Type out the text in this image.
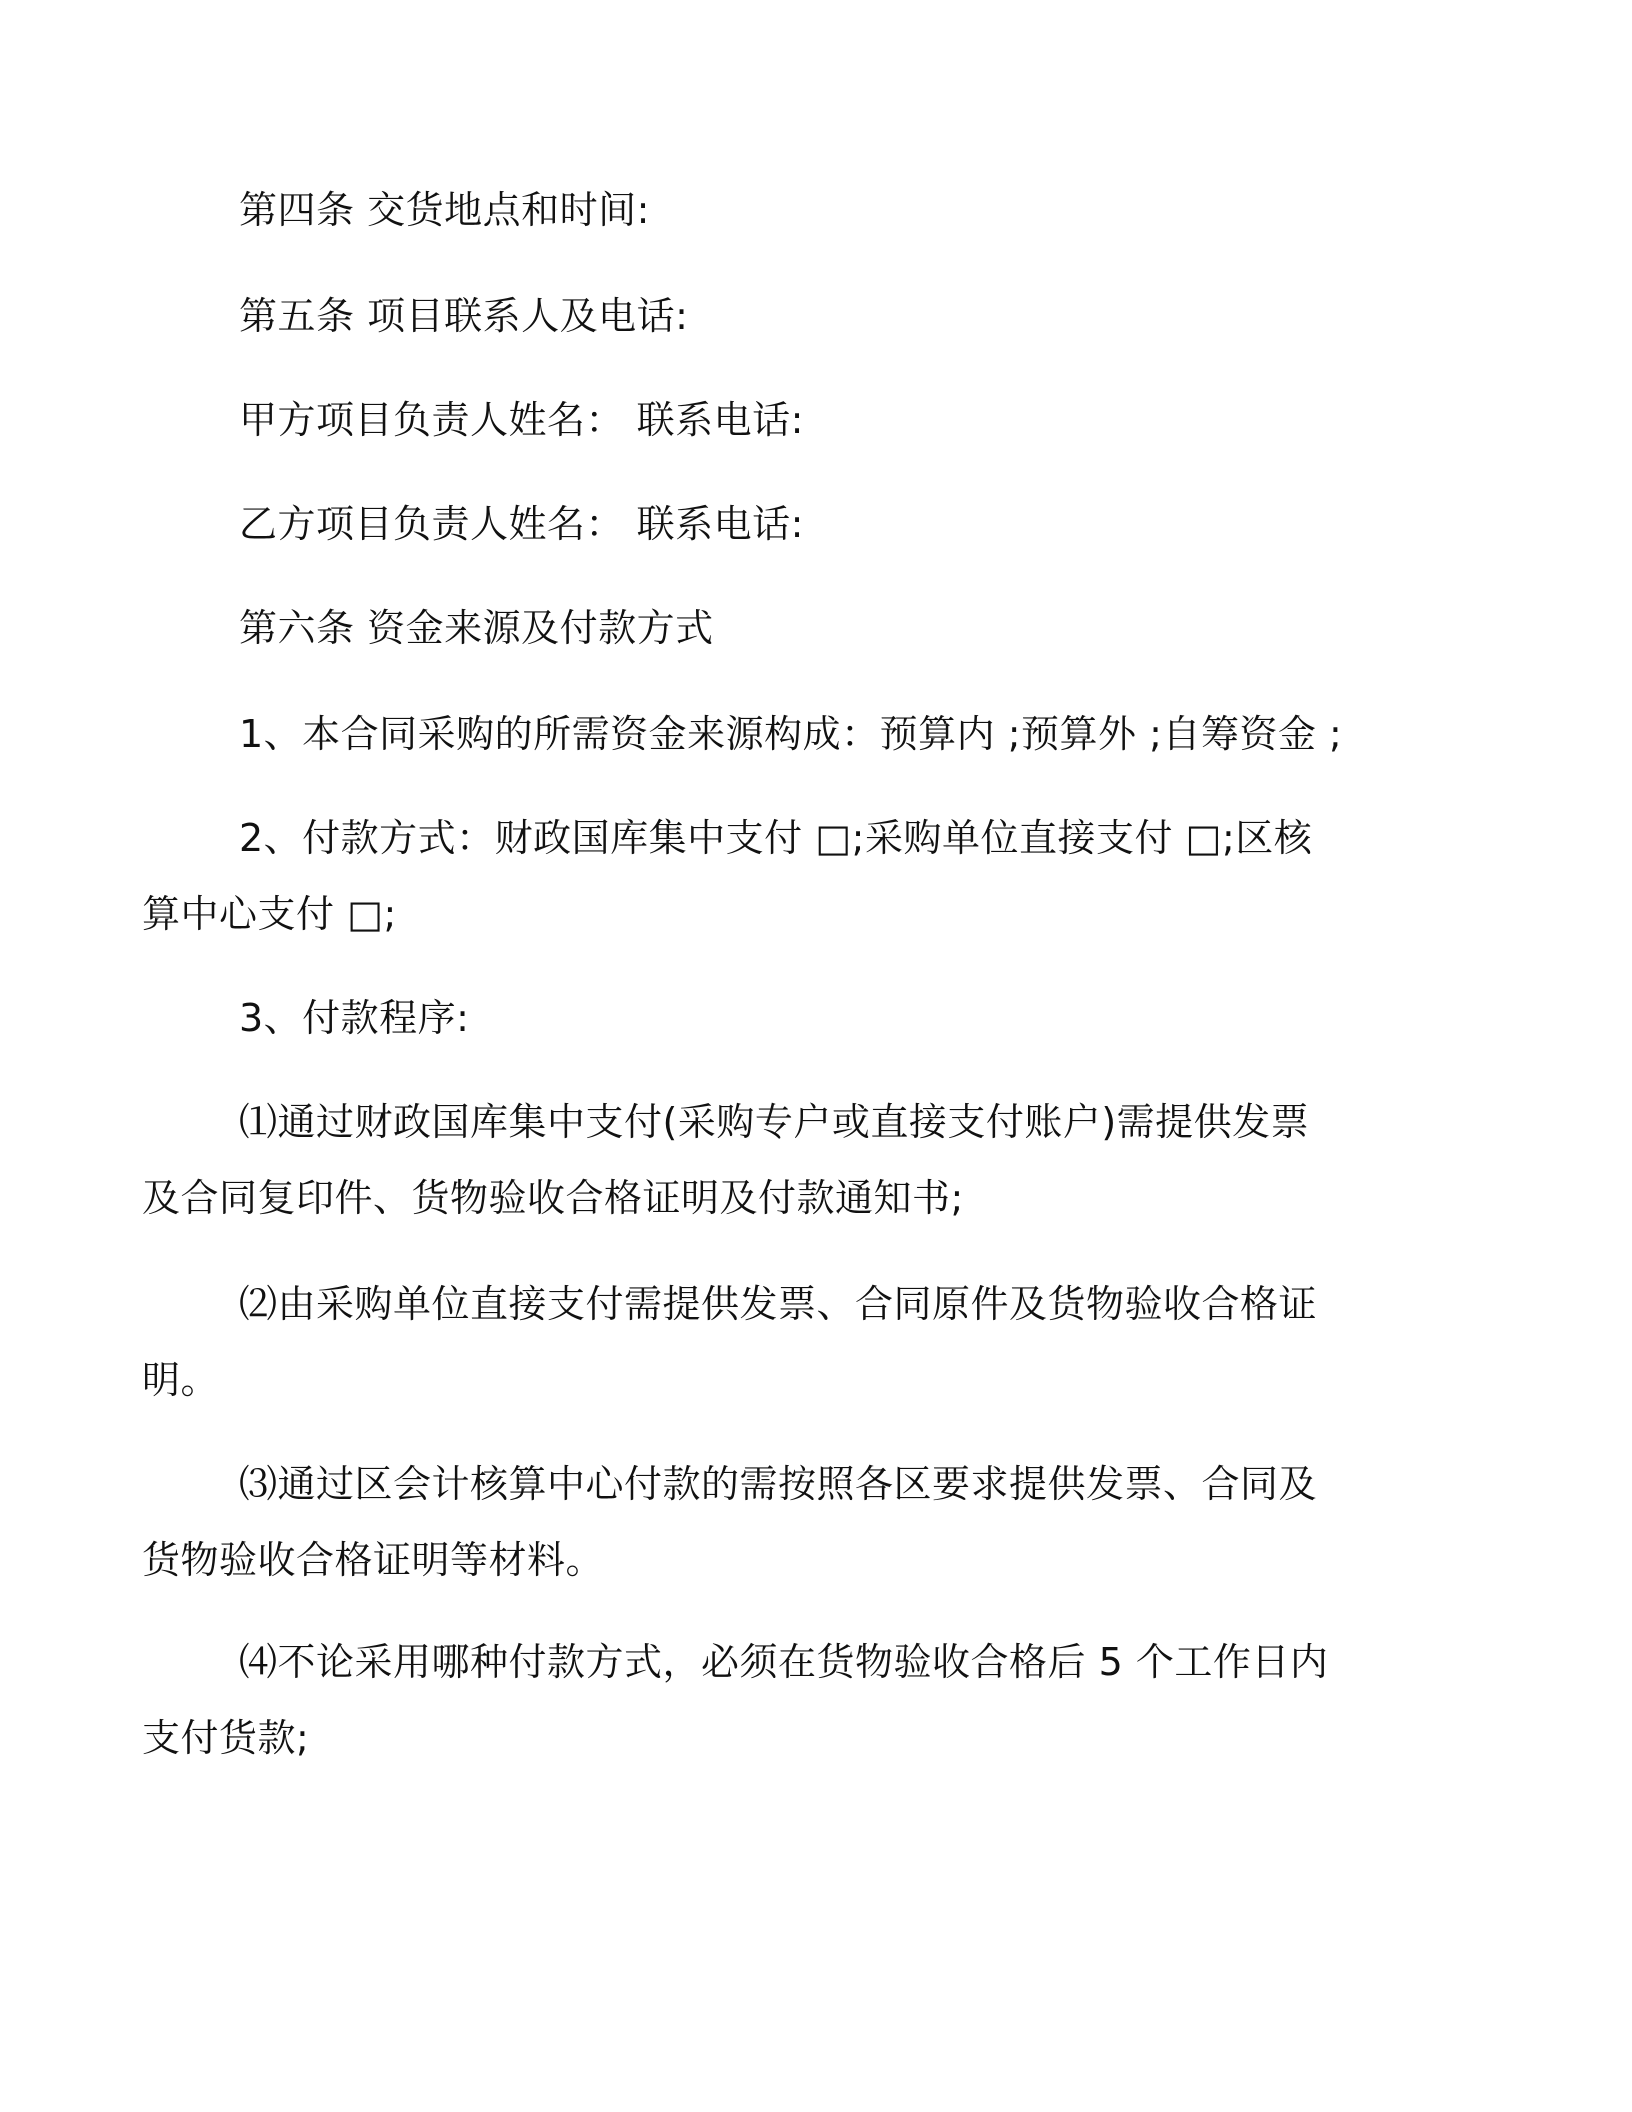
第四条 交货地点和时间:
第五条 项目联系人及电话:
甲方项目负责人姓名： 联系电话:
乙方项目负责人姓名： 联系电话:
第六条 资金来源及付款方式
1、本合同采购的所需资金来源构成：预算内 ;预算外 ;自筹资金 ;
2、付款方式：财政国库集中支付 □;采购单位直接支付 □;区核
算中心支付 □;
3、付款程序:
⑴通过财政国库集中支付(采购专户或直接支付账户)需提供发票
及合同复印件、货物验收合格证明及付款通知书;
⑵由采购单位直接支付需提供发票、合同原件及货物验收合格证
明。
⑶通过区会计核算中心付款的需按照各区要求提供发票、合同及
货物验收合格证明等材料。
⑷不论采用哪种付款方式，必须在货物验收合格后 5 个工作日内
支付货款;
